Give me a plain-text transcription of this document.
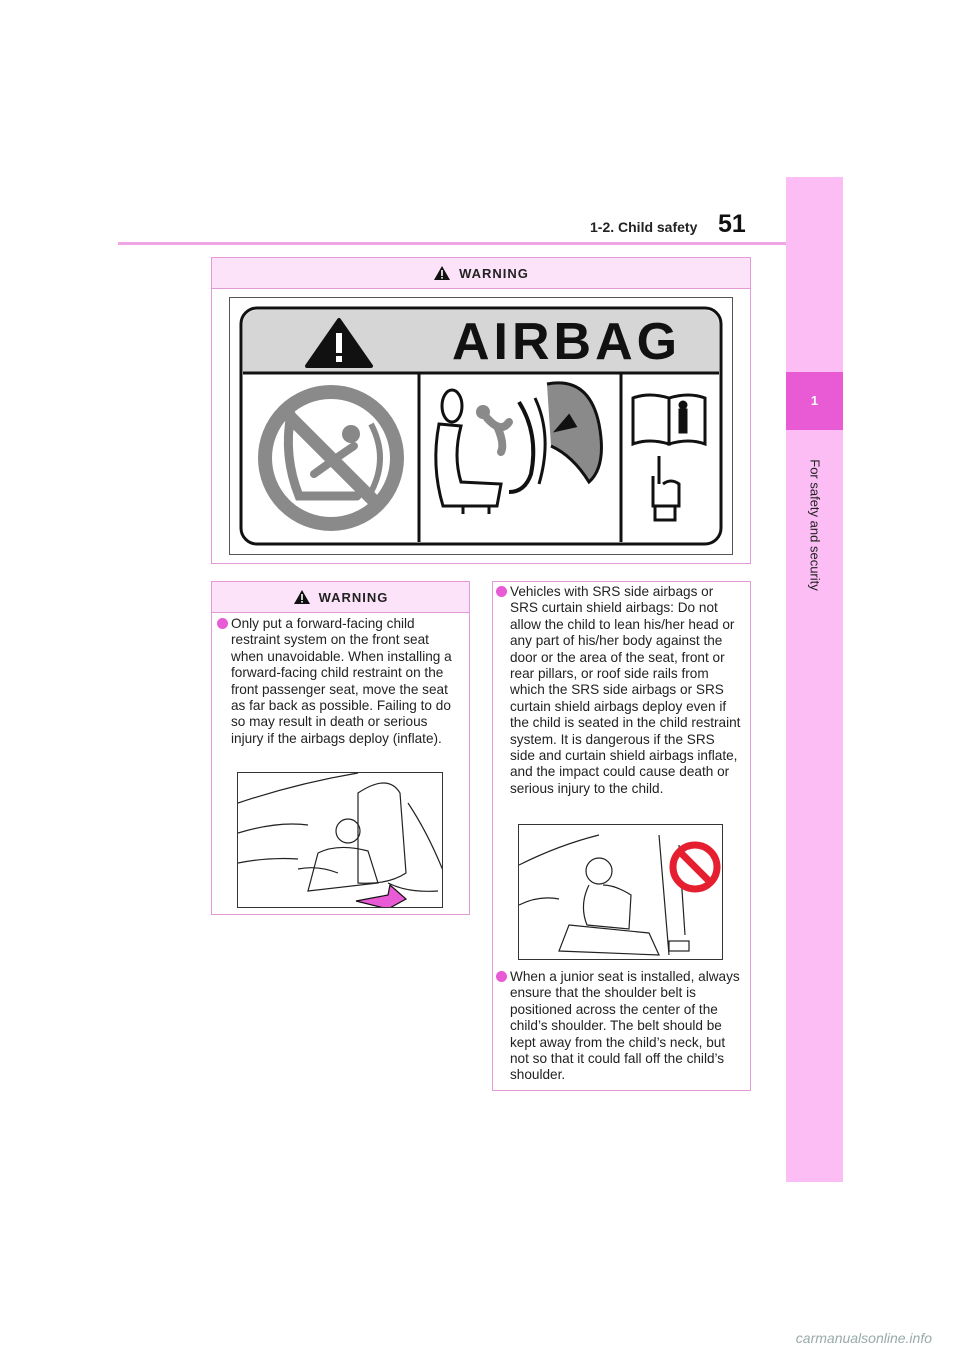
1-2. Child safety 51
1
For safety and security
WARNING
AIRBAG
WARNING
Only put a forward-facing child restraint system on the front seat when unavoidable. When installing a forward-facing child restraint on the front passenger seat, move the seat as far back as possible. Failing to do so may result in death or serious injury if the airbags deploy (inflate).
Vehicles with SRS side airbags or SRS curtain shield airbags: Do not allow the child to lean his/her head or any part of his/her body against the door or the area of the seat, front or rear pillars, or roof side rails from which the SRS side airbags or SRS curtain shield airbags deploy even if the child is seated in the child restraint system. It is dangerous if the SRS side and curtain shield airbags inflate, and the impact could cause death or serious injury to the child.
When a junior seat is installed, always ensure that the shoulder belt is positioned across the center of the child’s shoulder. The belt should be kept away from the child’s neck, but not so that it could fall off the child’s shoulder.
carmanualsonline.info
